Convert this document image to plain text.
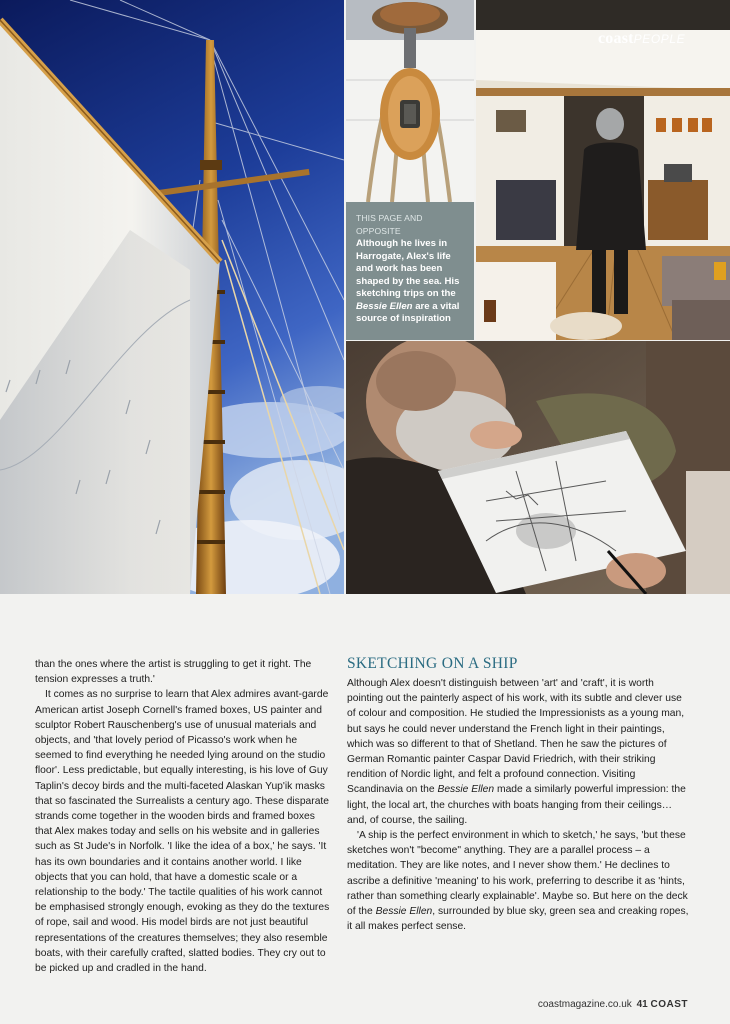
THIS PAGE AND OPPOSITE

Although he lives in Harrogate, Alex's life and work has been shaped by the sea. His sketching trips on the Bessie Ellen are a vital source of inspiration

coastPEOPLE

than the ones where the artist is struggling to get it right. The tension expresses a truth.'

It comes as no surprise to learn that Alex admires avant-garde American artist Joseph Cornell's framed boxes, US painter and sculptor Robert Rauschenberg's use of unusual materials and objects, and 'that lovely period of Picasso's work when he seemed to find everything he needed lying around on the studio floor'. Less predictable, but equally interesting, is his love of Guy Taplin's decoy birds and the multi-faceted Alaskan Yup'ik masks that so fascinated the Surrealists a century ago. These disparate strands come together in the wooden birds and framed boxes that Alex makes today and sells on his website and in galleries such as St Jude's in Norfolk. 'I like the idea of a box,' he says. 'It has its own boundaries and it contains another world. I like objects that you can hold, that have a domestic scale or a relationship to the body.' The tactile qualities of his work cannot be emphasised strongly enough, evoking as they do the textures of rope, sail and wood. His model birds are not just beautiful representations of the creatures themselves; they also resemble boats, with their carefully crafted, slatted bodies. They cry out to be picked up and cradled in the hand.

SKETCHING ON A SHIP

Although Alex doesn't distinguish between 'art' and 'craft', it is worth pointing out the painterly aspect of his work, with its subtle and clever use of colour and composition. He studied the Impressionists as a young man, but says he could never understand the French light in their paintings, which was so different to that of Shetland. Then he saw the pictures of German Romantic painter Caspar David Friedrich, with their striking rendition of Nordic light, and felt a profound connection. Visiting Scandinavia on the Bessie Ellen made a similarly powerful impression: the light, the local art, the churches with boats hanging from their ceilings… and, of course, the sailing.

'A ship is the perfect environment in which to sketch,' he says, 'but these sketches won't "become" anything. They are a parallel process – a meditation. They are like notes, and I never show them.' He declines to ascribe a definitive 'meaning' to his work, preferring to describe it as 'hints, rather than something clearly explainable'. Maybe so. But here on the deck of the Bessie Ellen, surrounded by blue sky, green sea and creaking ropes, it all makes perfect sense.

coastmagazine.co.uk 41 COAST
